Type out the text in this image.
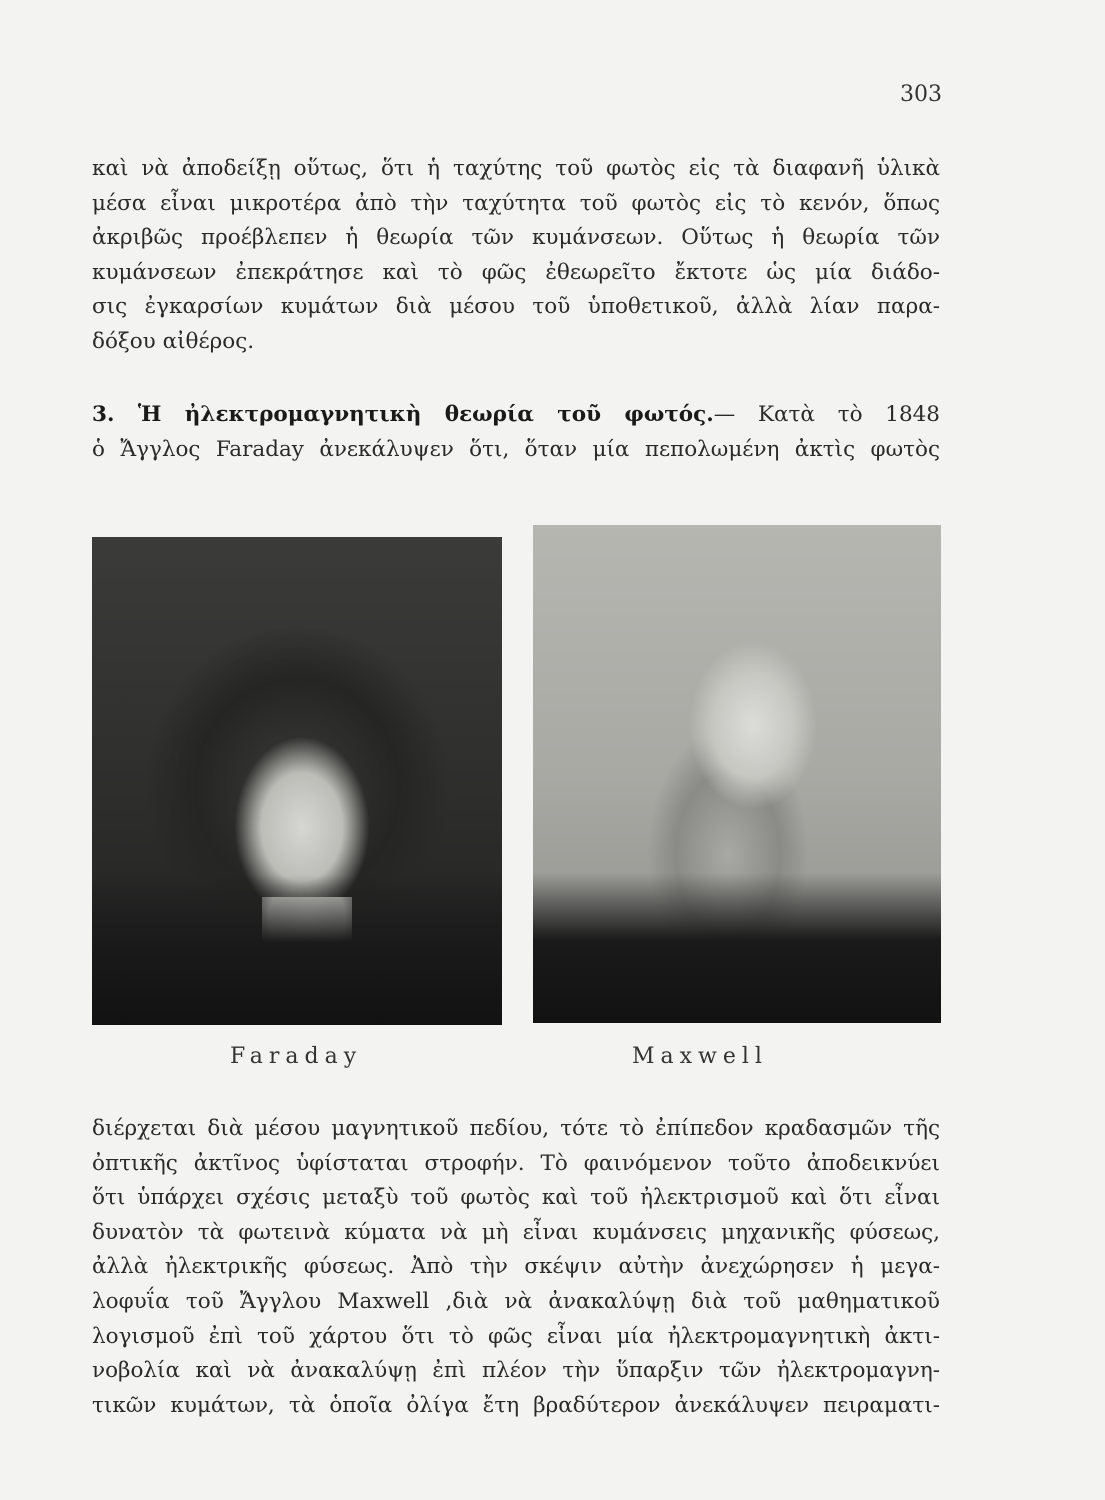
303
καὶ νὰ ἀποδείξῃ οὕτως, ὅτι ἡ ταχύτης τοῦ φωτὸς εἰς τὰ διαφανῆ ὑλικὰ
μέσα εἶναι μικροτέρα ἀπὸ τὴν ταχύτητα τοῦ φωτὸς εἰς τὸ κενόν, ὅπως
ἀκριβῶς προέβλεπεν ἡ θεωρία τῶν κυμάνσεων. Οὕτως ἡ θεωρία τῶν
κυμάνσεων ἐπεκράτησε καὶ τὸ φῶς ἐθεωρεῖτο ἔκτοτε ὡς μία διάδο-
σις ἐγκαρσίων κυμάτων διὰ μέσου τοῦ ὑποθετικοῦ, ἀλλὰ λίαν παρα-
δόξου αἰθέρος.
3. Ἡ ἠλεκτρομαγνητικὴ θεωρία τοῦ φωτός.— Κατὰ τὸ 1848
ὁ Ἄγγλος Faraday ἀνεκάλυψεν ὅτι, ὅταν μία πεπολωμένη ἀκτὶς φωτὸς
Faraday	Maxwell
διέρχεται διὰ μέσου μαγνητικοῦ πεδίου, τότε τὸ ἐπίπεδον κραδασμῶν τῆς
ὀπτικῆς ἀκτῖνος ὑφίσταται στροφήν. Τὸ φαινόμενον τοῦτο ἀποδεικνύει
ὅτι ὑπάρχει σχέσις μεταξὺ τοῦ φωτὸς καὶ τοῦ ἠλεκτρισμοῦ καὶ ὅτι εἶναι
δυνατὸν τὰ φωτεινὰ κύματα νὰ μὴ εἶναι κυμάνσεις μηχανικῆς φύσεως,
ἀλλὰ ἠλεκτρικῆς φύσεως. Ἀπὸ τὴν σκέψιν αὐτὴν ἀνεχώρησεν ἡ μεγα-
λοφυΐα τοῦ Ἄγγλου Maxwell ,διὰ νὰ ἀνακαλύψῃ διὰ τοῦ μαθηματικοῦ
λογισμοῦ ἐπὶ τοῦ χάρτου ὅτι τὸ φῶς εἶναι μία ἠλεκτρομαγνητικὴ ἀκτι-
νοβολία καὶ νὰ ἀνακαλύψῃ ἐπὶ πλέον τὴν ὕπαρξιν τῶν ἠλεκτρομαγνη-
τικῶν κυμάτων, τὰ ὁποῖα ὀλίγα ἔτη βραδύτερον ἀνεκάλυψεν πειραματι-
